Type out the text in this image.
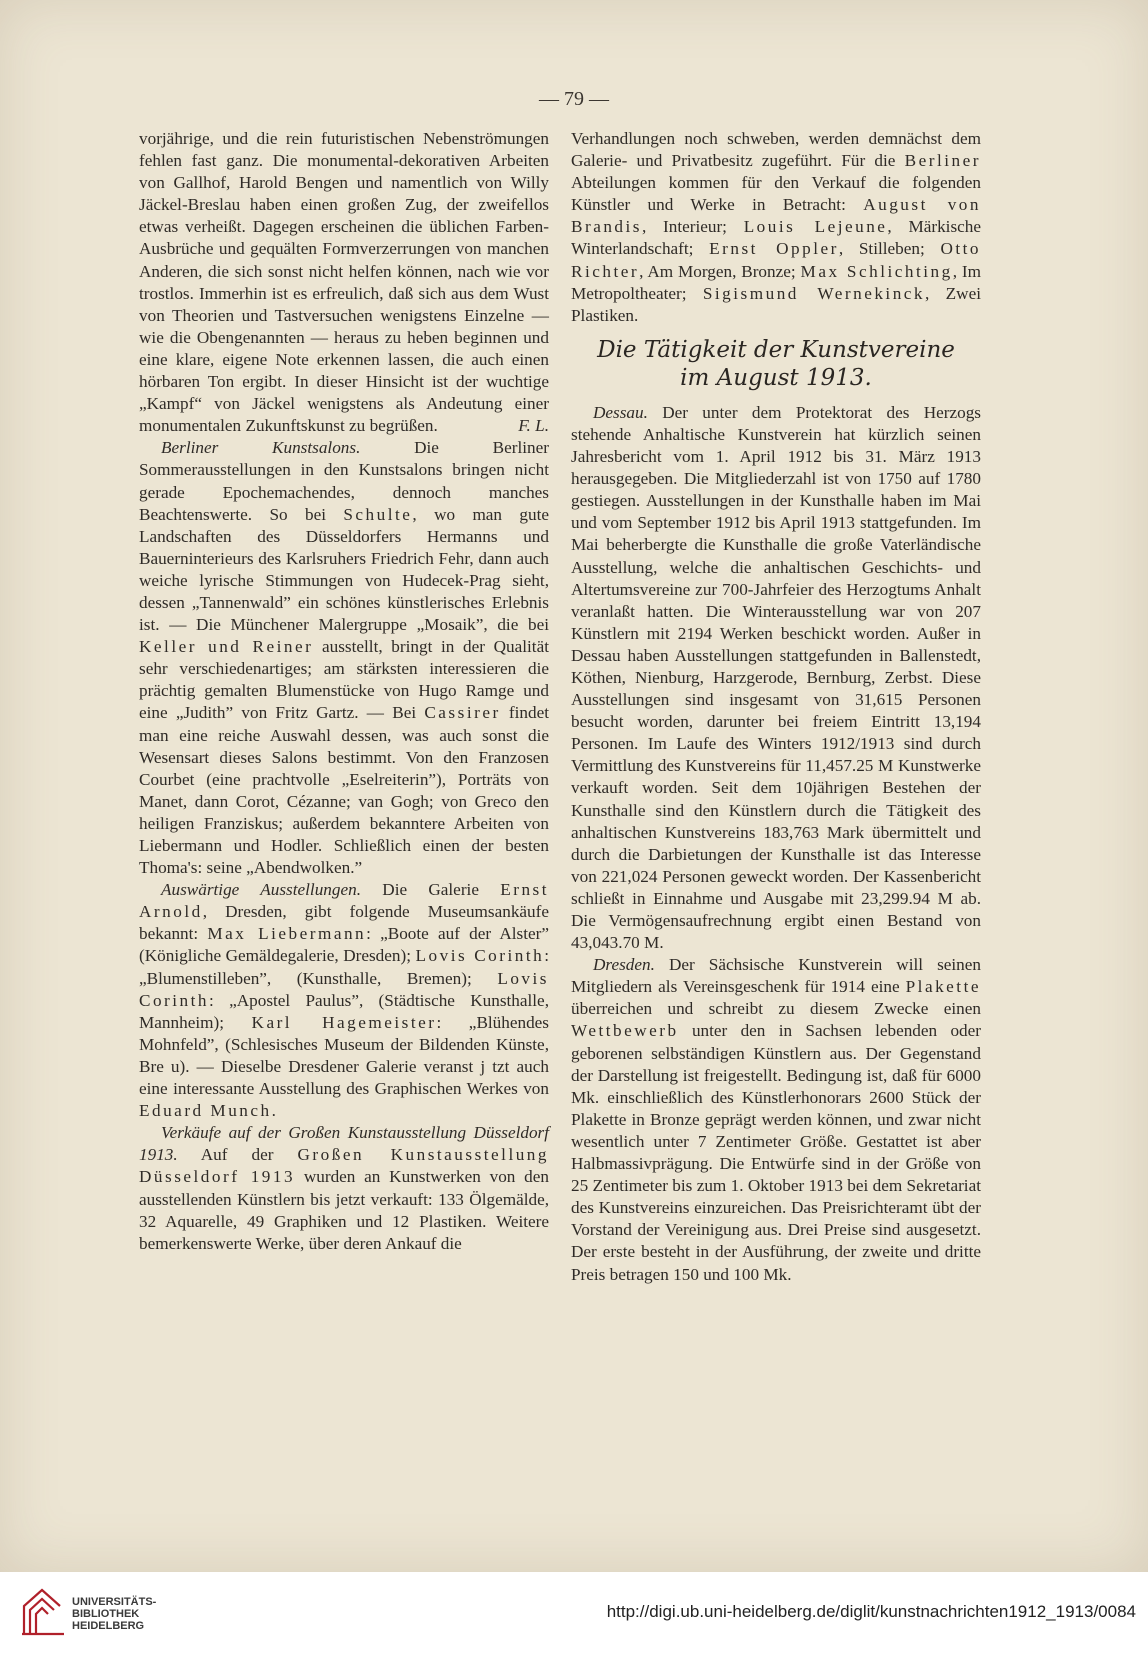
— 79 —

vorjährige, und die rein futuristischen Nebenströmungen fehlen fast ganz. Die monumental-dekorativen Arbeiten von Gallhof, Harold Bengen und namentlich von Willy Jäckel-Breslau haben einen großen Zug, der zweifellos etwas verheißt. Dagegen erscheinen die üblichen Farben-Ausbrüche und gequälten Formverzerrungen von manchen Anderen, die sich sonst nicht helfen können, nach wie vor trostlos. Immerhin ist es erfreulich, daß sich aus dem Wust von Theorien und Tastversuchen wenigstens Einzelne — wie die Obengenannten — heraus zu heben beginnen und eine klare, eigene Note erkennen lassen, die auch einen hörbaren Ton ergibt. In dieser Hinsicht ist der wuchtige „Kampf“ von Jäckel wenigstens als Andeutung einer monumentalen Zukunftskunst zu begrüßen.	F. L.

Berliner Kunstsalons. Die Berliner Sommerausstellungen in den Kunstsalons bringen nicht gerade Epochemachendes, dennoch manches Beachtenswerte. So bei Schulte, wo man gute Landschaften des Düsseldorfers Hermanns und Bauerninterieurs des Karlsruhers Friedrich Fehr, dann auch weiche lyrische Stimmungen von Hudecek-Prag sieht, dessen „Tannenwald” ein schönes künstlerisches Erlebnis ist. — Die Münchener Malergruppe „Mosaik”, die bei Keller und Reiner ausstellt, bringt in der Qualität sehr verschiedenartiges; am stärksten interessieren die prächtig gemalten Blumenstücke von Hugo Ramge und eine „Judith” von Fritz Gartz. — Bei Cassirer findet man eine reiche Auswahl dessen, was auch sonst die Wesensart dieses Salons bestimmt. Von den Franzosen Courbet (eine prachtvolle „Eselreiterin”), Porträts von Manet, dann Corot, Cézanne; van Gogh; von Greco den heiligen Franziskus; außerdem bekanntere Arbeiten von Liebermann und Hodler. Schließlich einen der besten Thoma's: seine „Abendwolken.”

Auswärtige Ausstellungen. Die Galerie Ernst Arnold, Dresden, gibt folgende Museumsankäufe bekannt: Max Liebermann: „Boote auf der Alster” (Königliche Gemäldegalerie, Dresden); Lovis Corinth: „Blumenstilleben”, (Kunsthalle, Bremen); Lovis Corinth: „Apostel Paulus”, (Städtische Kunsthalle, Mannheim); Karl Hagemeister: „Blühendes Mohnfeld”, (Schlesisches Museum der Bildenden Künste, Bre u). — Dieselbe Dresdener Galerie veranst j tzt auch eine interessante Ausstellung des Graphischen Werkes von Eduard Munch.

Verkäufe auf der Großen Kunstausstellung Düsseldorf 1913. Auf der Großen Kunstausstellung Düsseldorf 1913 wurden an Kunstwerken von den ausstellenden Künstlern bis jetzt verkauft: 133 Ölgemälde, 32 Aquarelle, 49 Graphiken und 12 Plastiken. Weitere bemerkenswerte Werke, über deren Ankauf die

Verhandlungen noch schweben, werden demnächst dem Galerie- und Privatbesitz zugeführt. Für die Berliner Abteilungen kommen für den Verkauf die folgenden Künstler und Werke in Betracht: August von Brandis, Interieur; Louis Lejeune, Märkische Winterlandschaft; Ernst Oppler, Stilleben; Otto Richter, Am Morgen, Bronze; Max Schlichting, Im Metropoltheater; Sigismund Wernekinck, Zwei Plastiken.

Die Tätigkeit der Kunstvereine
im August 1913.

Dessau. Der unter dem Protektorat des Herzogs stehende Anhaltische Kunstverein hat kürzlich seinen Jahresbericht vom 1. April 1912 bis 31. März 1913 herausgegeben. Die Mitgliederzahl ist von 1750 auf 1780 gestiegen. Ausstellungen in der Kunsthalle haben im Mai und vom September 1912 bis April 1913 stattgefunden. Im Mai beherbergte die Kunsthalle die große Vaterländische Ausstellung, welche die anhaltischen Geschichts- und Altertumsvereine zur 700-Jahrfeier des Herzogtums Anhalt veranlaßt hatten. Die Winterausstellung war von 207 Künstlern mit 2194 Werken beschickt worden. Außer in Dessau haben Ausstellungen stattgefunden in Ballenstedt, Köthen, Nienburg, Harzgerode, Bernburg, Zerbst. Diese Ausstellungen sind insgesamt von 31,615 Personen besucht worden, darunter bei freiem Eintritt 13,194 Personen. Im Laufe des Winters 1912/1913 sind durch Vermittlung des Kunstvereins für 11,457.25 M Kunstwerke verkauft worden. Seit dem 10jährigen Bestehen der Kunsthalle sind den Künstlern durch die Tätigkeit des anhaltischen Kunstvereins 183,763 Mark übermittelt und durch die Darbietungen der Kunsthalle ist das Interesse von 221,024 Personen geweckt worden. Der Kassenbericht schließt in Einnahme und Ausgabe mit 23,299.94 M ab. Die Vermögensaufrechnung ergibt einen Bestand von 43,043.70 M.

Dresden. Der Sächsische Kunstverein will seinen Mitgliedern als Vereinsgeschenk für 1914 eine Plakette überreichen und schreibt zu diesem Zwecke einen Wettbewerb unter den in Sachsen lebenden oder geborenen selbständigen Künstlern aus. Der Gegenstand der Darstellung ist freigestellt. Bedingung ist, daß für 6000 Mk. einschließlich des Künstlerhonorars 2600 Stück der Plakette in Bronze geprägt werden können, und zwar nicht wesentlich unter 7 Zentimeter Größe. Gestattet ist aber Halbmassivprägung. Die Entwürfe sind in der Größe von 25 Zentimeter bis zum 1. Oktober 1913 bei dem Sekretariat des Kunstvereins einzureichen. Das Preisrichteramt übt der Vorstand der Vereinigung aus. Drei Preise sind ausgesetzt. Der erste besteht in der Ausführung, der zweite und dritte Preis betragen 150 und 100 Mk.

UNIVERSITÄTS-
BIBLIOTHEK
HEIDELBERG
http://digi.ub.uni-heidelberg.de/diglit/kunstnachrichten1912_1913/0084
